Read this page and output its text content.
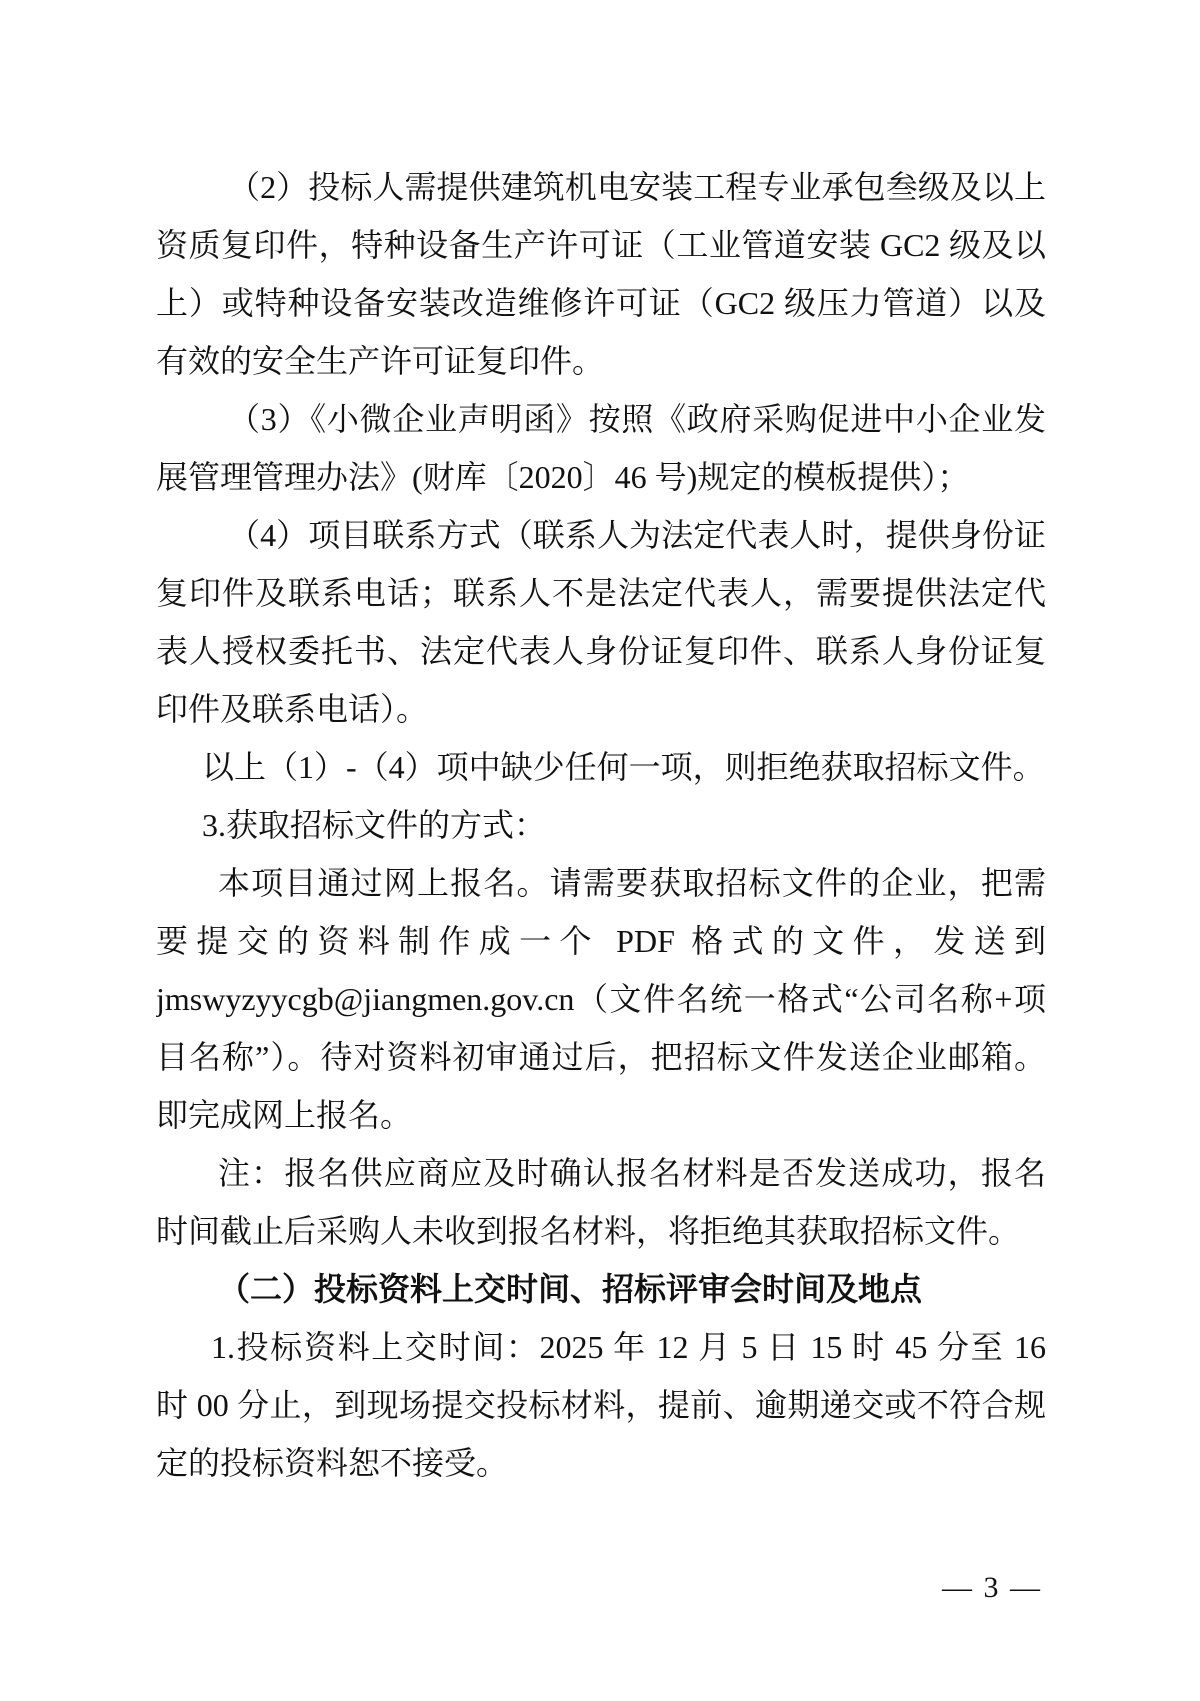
（2）投标人需提供建筑机电安装工程专业承包叁级及以上
资质复印件，特种设备生产许可证（工业管道安装 GC2 级及以
上）或特种设备安装改造维修许可证（GC2 级压力管道）以及
有效的安全生产许可证复印件。
（3）《小微企业声明函》按照《政府采购促进中小企业发
展管理管理办法》(财库〔2020〕46 号)规定的模板提供）；
（4）项目联系方式（联系人为法定代表人时，提供身份证
复印件及联系电话；联系人不是法定代表人，需要提供法定代
表人授权委托书、法定代表人身份证复印件、联系人身份证复
印件及联系电话）。
以上（1）-（4）项中缺少任何一项，则拒绝获取招标文件。
3.获取招标文件的方式：
本项目通过网上报名。请需要获取招标文件的企业，把需
要提交的资料制作成一个 PDF 格式的文件，发送到
jmswyzyycgb@jiangmen.gov.cn（文件名统一格式“公司名称+项
目名称”）。待对资料初审通过后，把招标文件发送企业邮箱。
即完成网上报名。
注：报名供应商应及时确认报名材料是否发送成功，报名
时间截止后采购人未收到报名材料，将拒绝其获取招标文件。
（二）投标资料上交时间、招标评审会时间及地点
1.投标资料上交时间：2025 年 12 月 5 日 15 时 45 分至 16
时 00 分止，到现场提交投标材料，提前、逾期递交或不符合规
定的投标资料恕不接受。
— 3 —
